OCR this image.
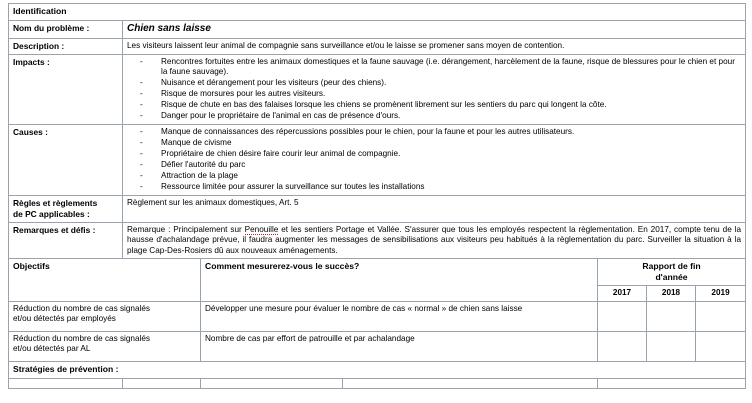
Identification						
Nom du problème :	Chien sans laisse					
Description :	Les visiteurs laissent leur animal de compagnie sans surveillance et/ou le laisse se promener sans moyen de contention.					
Impacts :	
-Rencontres fortuites entre les animaux domestiques et la faune sauvage (i.e. dérangement, harcèlement de la faune, risque de blessures pour le chien et pour la faune sauvage).
- Nuisance et dérangement pour les visiteurs (peur des chiens).
- Risque de morsures pour les autres visiteurs.
- Risque de chute en bas des falaises lorsque les chiens se promènent librement sur les sentiers du parc qui longent la côte.
- Danger pour le propriétaire de l'animal en cas de présence d'ours.

Causes :	
-Manque de connaissances des répercussions possibles pour le chien, pour la faune et pour les autres utilisateurs.
- Manque de civisme
- Propriétaire de chien désire faire courir leur animal de compagnie.
- Défier l'autorité du parc
- Attraction de la plage
- Ressource limitée pour assurer la surveillance sur toutes les installations

Règles et règlements
de PC applicables :	Règlement sur les animaux domestiques, Art. 5					
Remarques et défis :	Remarque : Principalement sur Penouille et les sentiers Portage et Vallée. S'assurer que tous les employés respectent la règlementation. En 2017, compte tenu de la hausse d'achalandage prévue, il faudra augmenter les messages de sensibilisations aux visiteurs peu habitués à la règlementation du parc. Surveiller la situation à la plage Cap-Des-Rosiers dû aux nouveaux aménagements.					

Objectifs		Comment mesurerez-vous le succès?		Rapport de fin
d'année		
				2017	2018	2019
Réduction du nombre de cas signalés
et/ou détectés par employés		Développer une mesure pour évaluer le nombre de cas « normal » de chien sans laisse				
Réduction du nombre de cas signalés
et/ou détectés par AL		Nombre de cas par effort de patrouille et par achalandage				
Stratégies de prévention :						
